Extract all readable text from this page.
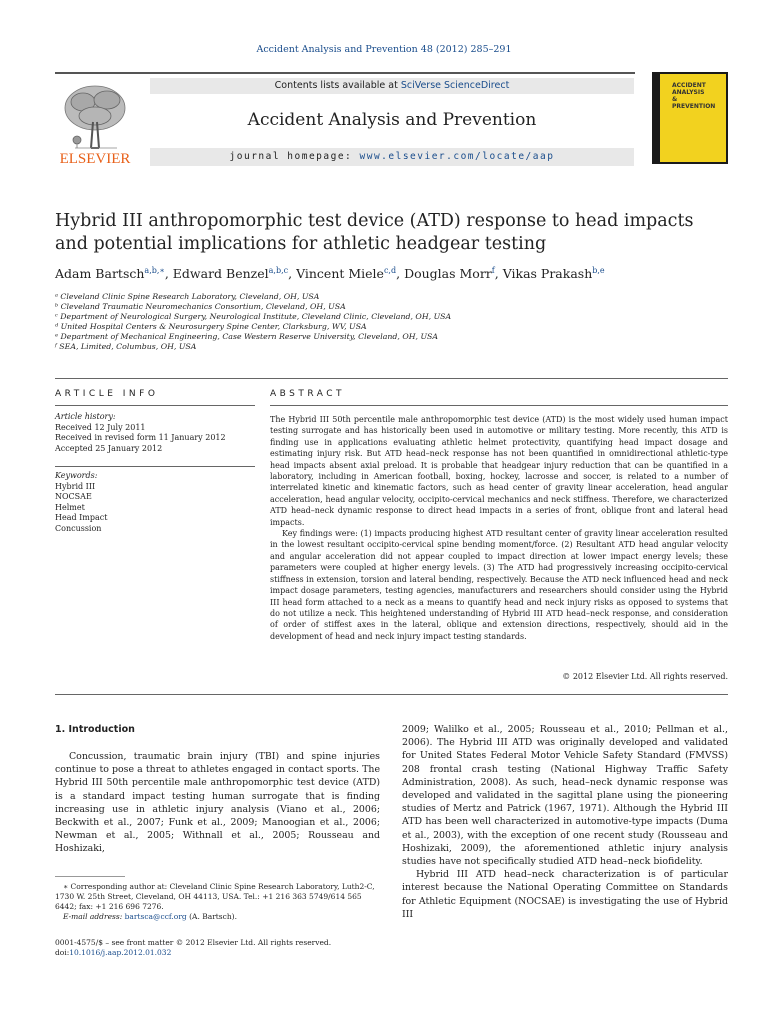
Accident Analysis and Prevention 48 (2012) 285–291
Contents lists available at SciVerse ScienceDirect
Accident Analysis and Prevention
journal homepage: www.elsevier.com/locate/aap
ELSEVIER
ACCIDENT
ANALYSIS
&
PREVENTION
Hybrid III anthropomorphic test device (ATD) response to head impacts
and potential implications for athletic headgear testing
Adam Bartsch$^{a,b,∗}$, Edward Benzel$^{a,b,c}$, Vincent Miele$^{c,d}$, Douglas Morr$^f$, Vikas Prakash$^{b,e}$
ᵃ Cleveland Clinic Spine Research Laboratory, Cleveland, OH, USA
ᵇ Cleveland Traumatic Neuromechanics Consortium, Cleveland, OH, USA
ᶜ Department of Neurological Surgery, Neurological Institute, Cleveland Clinic, Cleveland, OH, USA
ᵈ United Hospital Centers & Neurosurgery Spine Center, Clarksburg, WV, USA
ᵉ Department of Mechanical Engineering, Case Western Reserve University, Cleveland, OH, USA
ᶠ SEA, Limited, Columbus, OH, USA
ARTICLE INFO
Article history:
Received 12 July 2011
Received in revised form 11 January 2012
Accepted 25 January 2012
Keywords:
Hybrid III
NOCSAE
Helmet
Head Impact
Concussion
ABSTRACT

The Hybrid III 50th percentile male anthropomorphic test device (ATD) is the most widely used human impact testing surrogate and has historically been used in automotive or military testing. More recently, this ATD is finding use in applications evaluating athletic helmet protectivity, quantifying head impact dosage and estimating injury risk. But ATD head–neck response has not been quantified in omnidirectional athletic-type head impacts absent axial preload. It is probable that headgear injury reduction that can be quantified in a laboratory, including in American football, boxing, hockey, lacrosse and soccer, is related to a number of interrelated kinetic and kinematic factors, such as head center of gravity linear acceleration, head angular acceleration, head angular velocity, occipito-cervical mechanics and neck stiffness. Therefore, we characterized ATD head–neck dynamic response to direct head impacts in a series of front, oblique front and lateral head impacts.

Key findings were: (1) impacts producing highest ATD resultant center of gravity linear acceleration resulted in the lowest resultant occipito-cervical spine bending moment/force. (2) Resultant ATD head angular velocity and angular acceleration did not appear coupled to impact direction at lower impact energy levels; these parameters were coupled at higher energy levels. (3) The ATD had progressively increasing occipito-cervical stiffness in extension, torsion and lateral bending, respectively. Because the ATD neck influenced head and neck impact dosage parameters, testing agencies, manufacturers and researchers should consider using the Hybrid III head form attached to a neck as a means to quantify head and neck injury risks as opposed to systems that do not utilize a neck. This heightened understanding of Hybrid III ATD head–neck response, and consideration of order of stiffest axes in the lateral, oblique and extension directions, respectively, should aid in the development of head and neck injury impact testing standards.

© 2012 Elsevier Ltd. All rights reserved.
1. Introduction

Concussion, traumatic brain injury (TBI) and spine injuries continue to pose a threat to athletes engaged in contact sports. The Hybrid III 50th percentile male anthropomorphic test device (ATD) is a standard impact testing human surrogate that is finding increasing use in athletic injury analysis (Viano et al., 2006; Beckwith et al., 2007; Funk et al., 2009; Manoogian et al., 2006; Newman et al., 2005; Withnall et al., 2005; Rousseau and Hoshizaki,

2009; Walilko et al., 2005; Rousseau et al., 2010; Pellman et al., 2006). The Hybrid III ATD was originally developed and validated for United States Federal Motor Vehicle Safety Standard (FMVSS) 208 frontal crash testing (National Highway Traffic Safety Administration, 2008). As such, head–neck dynamic response was developed and validated in the sagittal plane using the pioneering studies of Mertz and Patrick (1967, 1971). Although the Hybrid III ATD has been well characterized in automotive-type impacts (Duma et al., 2003), with the exception of one recent study (Rousseau and Hoshizaki, 2009), the aforementioned athletic injury analysis studies have not specifically studied ATD head–neck biofidelity.

Hybrid III ATD head–neck characterization is of particular interest because the National Operating Committee on Standards for Athletic Equipment (NOCSAE) is investigating the use of Hybrid III

∗ Corresponding author at: Cleveland Clinic Spine Research Laboratory, Luth2-C, 1730 W. 25th Street, Cleveland, OH 44113, USA. Tel.: +1 216 363 5749/614 565 6442; fax: +1 216 696 7276.
E-mail address: bartsca@ccf.org (A. Bartsch).
0001-4575/$ – see front matter © 2012 Elsevier Ltd. All rights reserved.
doi:10.1016/j.aap.2012.01.032
